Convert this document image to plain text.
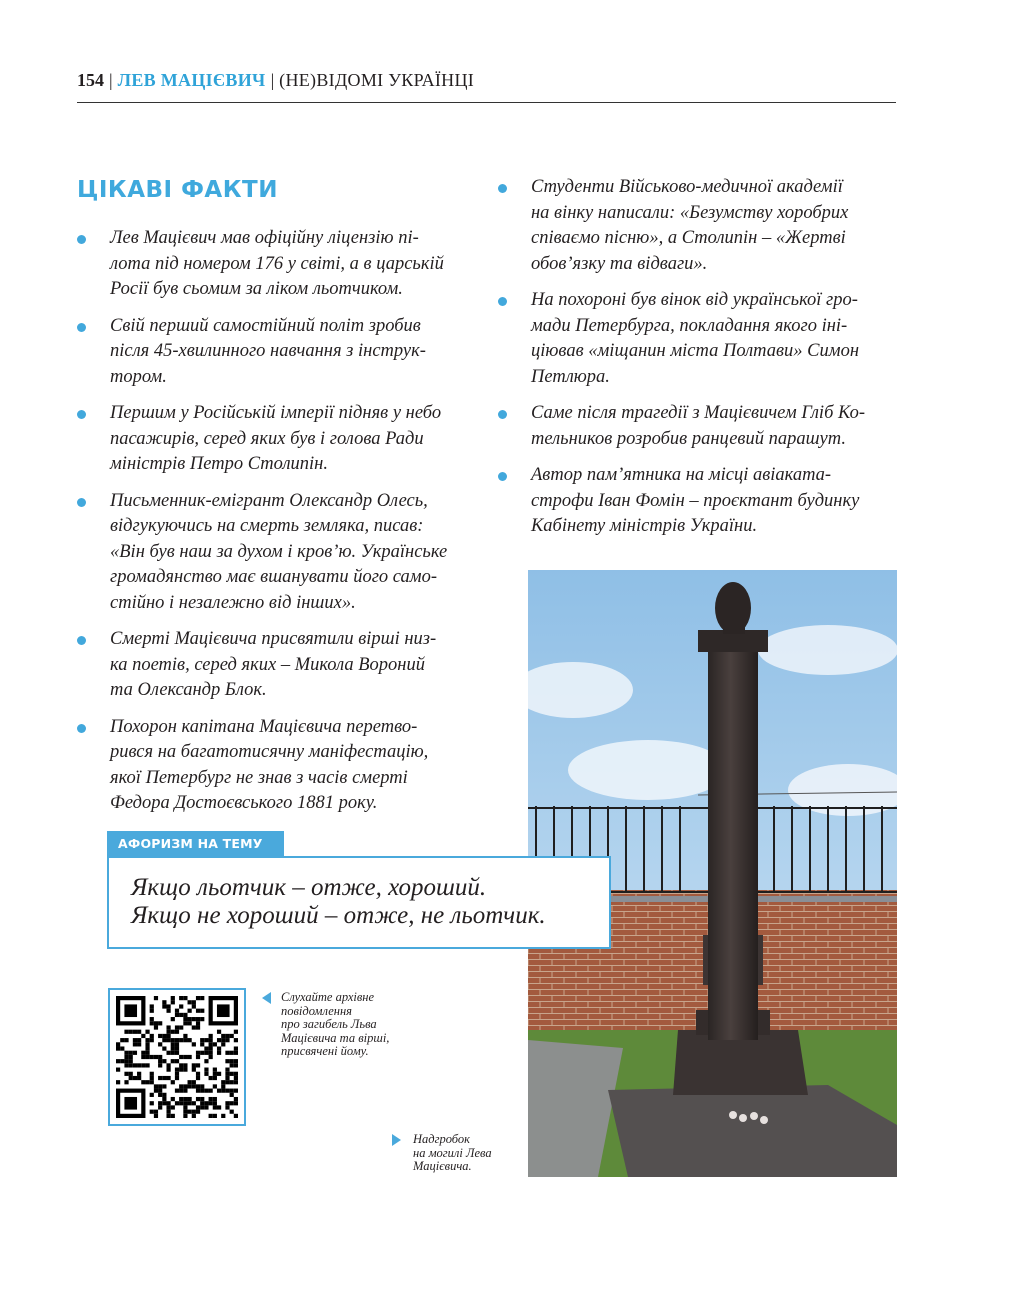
154 | ЛЕВ МАЦІЄВИЧ | (НЕ)ВІДОМІ УКРАЇНЦІ
ЦІКАВІ ФАКТИ
Лев Мацієвич мав офіційну ліцензію пі-
лота під номером 176 у світі, а в царській
Росії був сьомим за ліком льотчиком.
Свій перший самостійний політ зробив
після 45-хвилинного навчання з інструк-
тором.
Першим у Російській імперії підняв у небо
пасажирів, серед яких був і голова Ради
міністрів Петро Столипін.
Письменник-емігрант Олександр Олесь,
відгукуючись на смерть земляка, писав:
«Він був наш за духом і кров’ю. Українське
громадянство має вшанувати його само-
стійно і незалежно від інших».
Смерті Мацієвича присвятили вірші низ-
ка поетів, серед яких – Микола Вороний
та Олександр Блок.
Похорон капітана Мацієвича перетво-
рився на багатотисячну маніфестацію,
якої Петербург не знав з часів смерті
Федора Достоєвського 1881 року.
Студенти Військово-медичної академії
на вінку написали: «Безумству хоробрих
співаємо пісню», а Столипін – «Жертві
обов’язку та відваги».
На похороні був вінок від української гро-
мади Петербурга, покладання якого іні-
ціював «міщанин міста Полтави» Симон
Петлюра.
Саме після трагедії з Мацієвичем Гліб Ко-
тельников розробив ранцевий парашут.
Автор пам’ятника на місці авіаката-
строфи Іван Фомін – проєктант будинку
Кабінету міністрів України.
АФОРИЗМ НА ТЕМУ
Якщо льотчик – отже, хороший.
Якщо не хороший – отже, не льотчик.
Слухайте архівне
повідомлення
про загибель Льва
Мацієвича та вірші,
присвячені йому.
Надгробок
на могилі Лева
Мацієвича.
